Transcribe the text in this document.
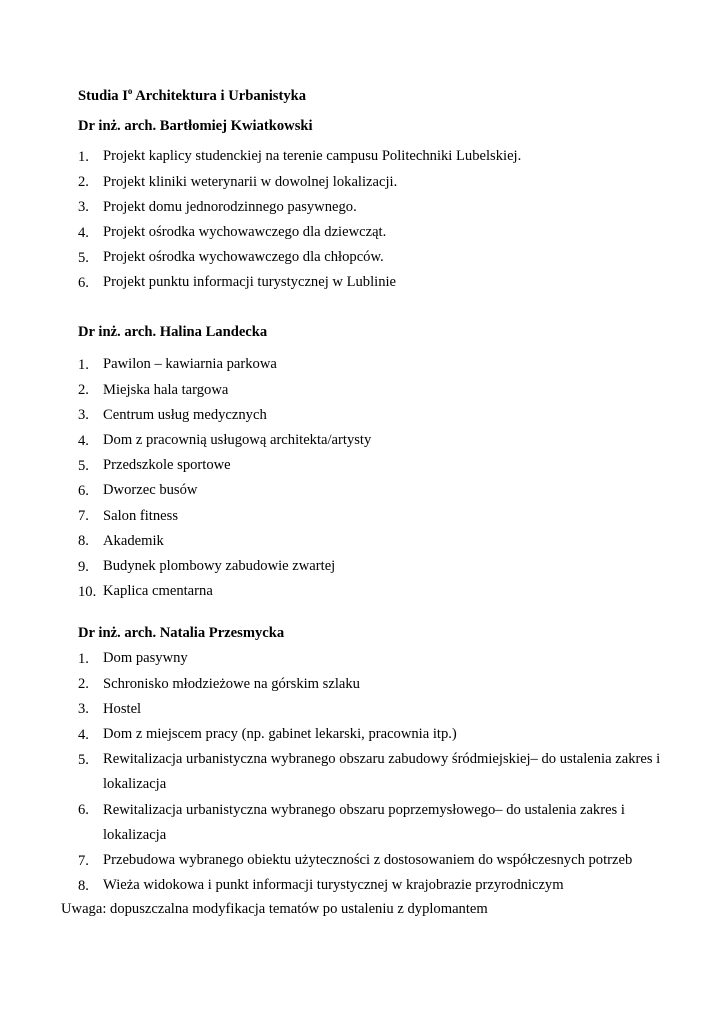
Studia $I^o$ Architektura i Urbanistyka
Dr inż. arch. Bartłomiej Kwiatkowski
1. Projekt kaplicy studenckiej na terenie campusu Politechniki Lubelskiej.
2. Projekt kliniki weterynarii w dowolnej lokalizacji.
3. Projekt domu jednorodzinnego pasywnego.
4. Projekt ośrodka wychowawczego dla dziewcząt.
5. Projekt ośrodka wychowawczego dla chłopców.
6. Projekt punktu informacji turystycznej w Lublinie
Dr inż. arch. Halina Landecka
1. Pawilon – kawiarnia parkowa
2. Miejska hala targowa
3. Centrum usług medycznych
4. Dom z pracownią usługową architekta/artysty
5. Przedszkole sportowe
6. Dworzec busów
7. Salon fitness
8. Akademik
9. Budynek plombowy zabudowie zwartej
10. Kaplica cmentarna
Dr inż. arch. Natalia Przesmycka
1. Dom pasywny
2. Schronisko młodzieżowe na górskim szlaku
3. Hostel
4. Dom z miejscem pracy (np. gabinet lekarski, pracownia itp.)
5. Rewitalizacja urbanistyczna wybranego obszaru zabudowy śródmiejskiej– do ustalenia zakres i lokalizacja
6. Rewitalizacja urbanistyczna wybranego obszaru poprzemysłowego– do ustalenia zakres i lokalizacja
7. Przebudowa wybranego obiektu użyteczności z dostosowaniem do współczesnych potrzeb
8. Wieża widokowa i punkt informacji turystycznej w krajobrazie przyrodniczym
Uwaga: dopuszczalna modyfikacja tematów po ustaleniu z dyplomantem
